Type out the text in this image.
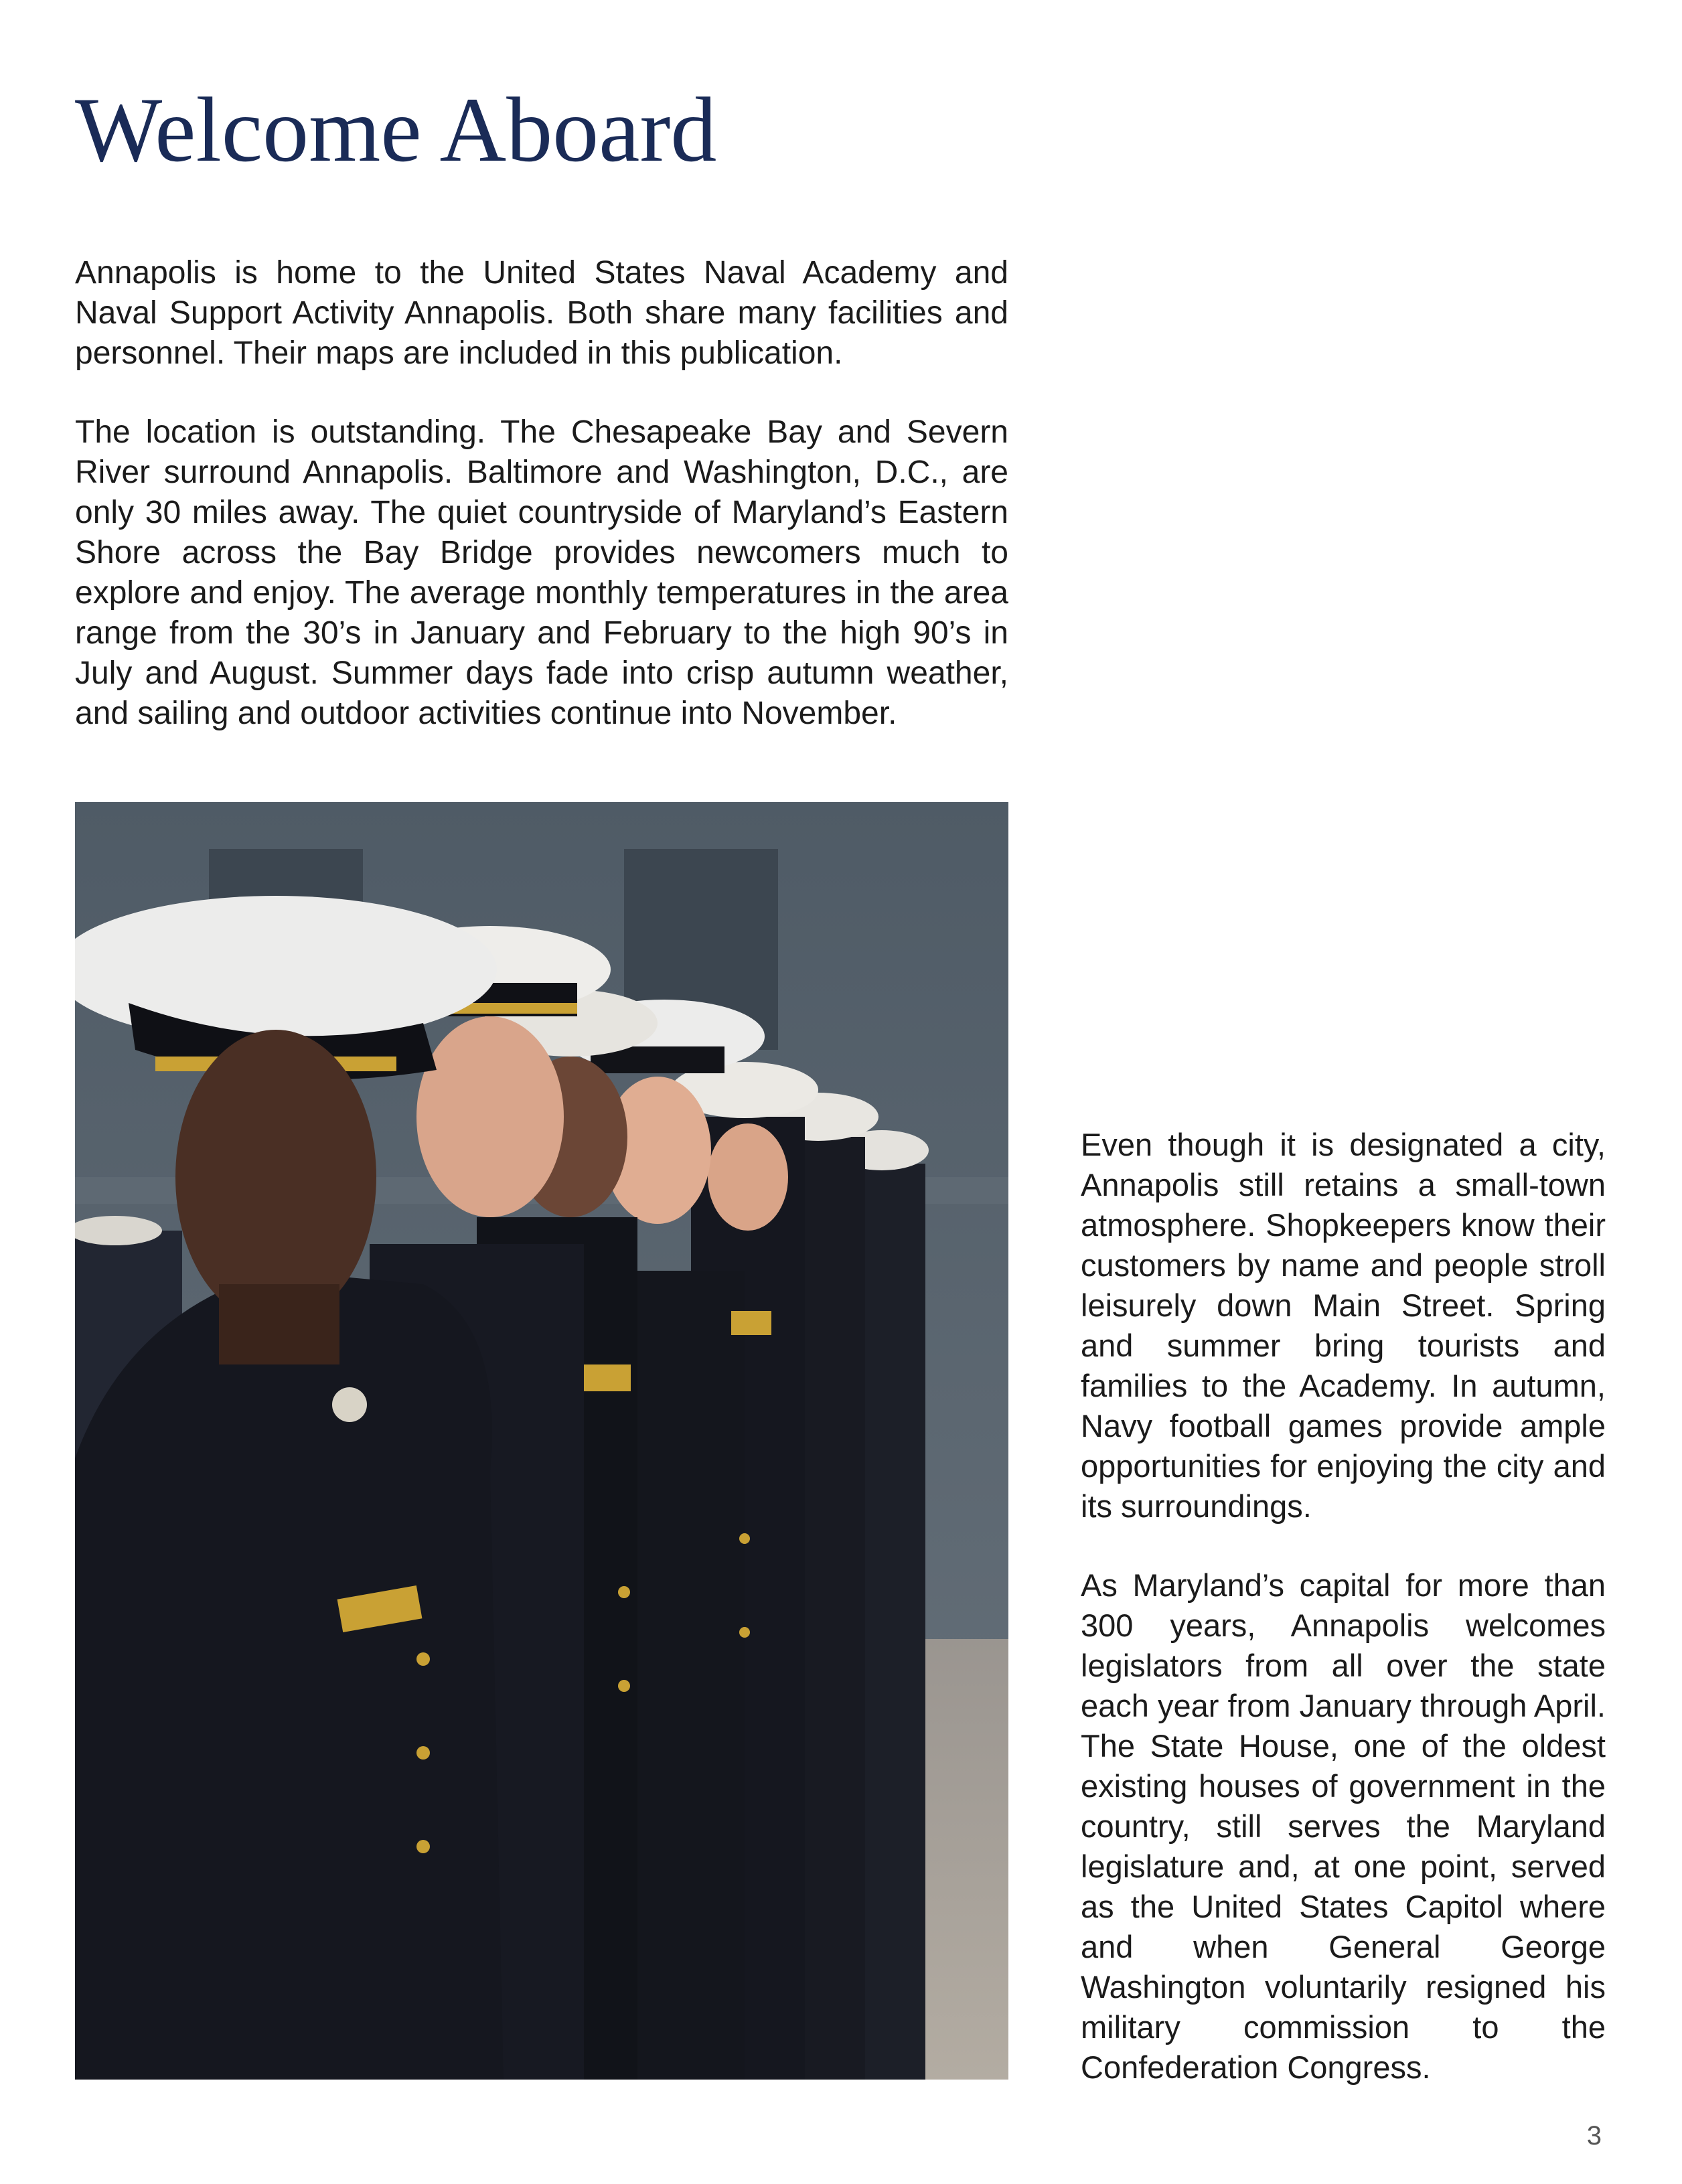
Welcome Aboard

Annapolis is home to the United States Naval Academy and Naval Support Activity Annapolis. Both share many facilities and personnel. Their maps are included in this publication.

The location is outstanding. The Chesapeake Bay and Severn River surround Annapolis. Baltimore and Washington, D.C., are only 30 miles away. The quiet countryside of Maryland’s Eastern Shore across the Bay Bridge provides newcomers much to explore and enjoy. The average monthly temperatures in the area range from the 30’s in January and February to the high 90’s in July and August. Summer days fade into crisp autumn weather, and sailing and outdoor activities continue into November.

Even though it is designated a city, Annapolis still retains a small-town atmosphere. Shopkeepers know their customers by name and people stroll leisurely down Main Street. Spring and summer bring tourists and families to the Academy. In autumn, Navy football games provide ample opportunities for enjoying the city and its surroundings.

As Maryland’s capital for more than 300 years, Annapolis welcomes legislators from all over the state each year from January through April. The State House, one of the oldest existing houses of government in the country, still serves the Maryland legislature and, at one point, served as the United States Capitol where and when General George Washington voluntarily resigned his military commission to the Confederation Congress.

3
